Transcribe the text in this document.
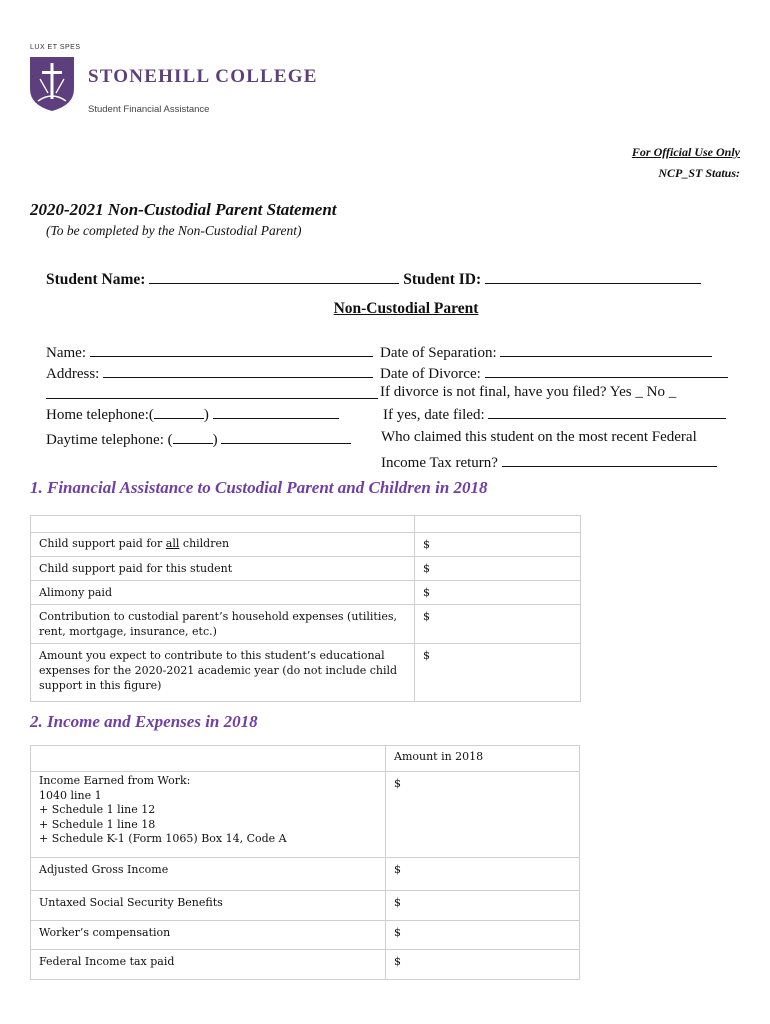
LUX ET SPES
STONEHILL COLLEGE
Student Financial Assistance
For Official Use Only
NCP_ST Status:
2020-2021 Non-Custodial Parent Statement
(To be completed by the Non-Custodial Parent)
Student Name:	Student ID:
Non-Custodial Parent
Name:
Address:
Home telephone:(	)
Daytime telephone: (	)
Date of Separation:
Date of Divorce:
If divorce is not final, have you filed? Yes _ No _
If yes, date filed:
Who claimed this student on the most recent Federal
Income Tax return?
1. Financial Assistance to Custodial Parent and Children in 2018

Child support paid for all children	$
Child support paid for this student	$
Alimony paid	$
Contribution to custodial parent’s household expenses (utilities,
rent, mortgage, insurance, etc.)	$
Amount you expect to contribute to this student’s educational
expenses for the 2020-2021 academic year (do not include child
support in this figure)	$
2. Income and Expenses in 2018
	Amount in 2018
Income Earned from Work:
1040 line 1
+ Schedule 1 line 12
+ Schedule 1 line 18
+ Schedule K-1 (Form 1065) Box 14, Code A	$
Adjusted Gross Income	$
Untaxed Social Security Benefits	$
Worker’s compensation	$
Federal Income tax paid	$
